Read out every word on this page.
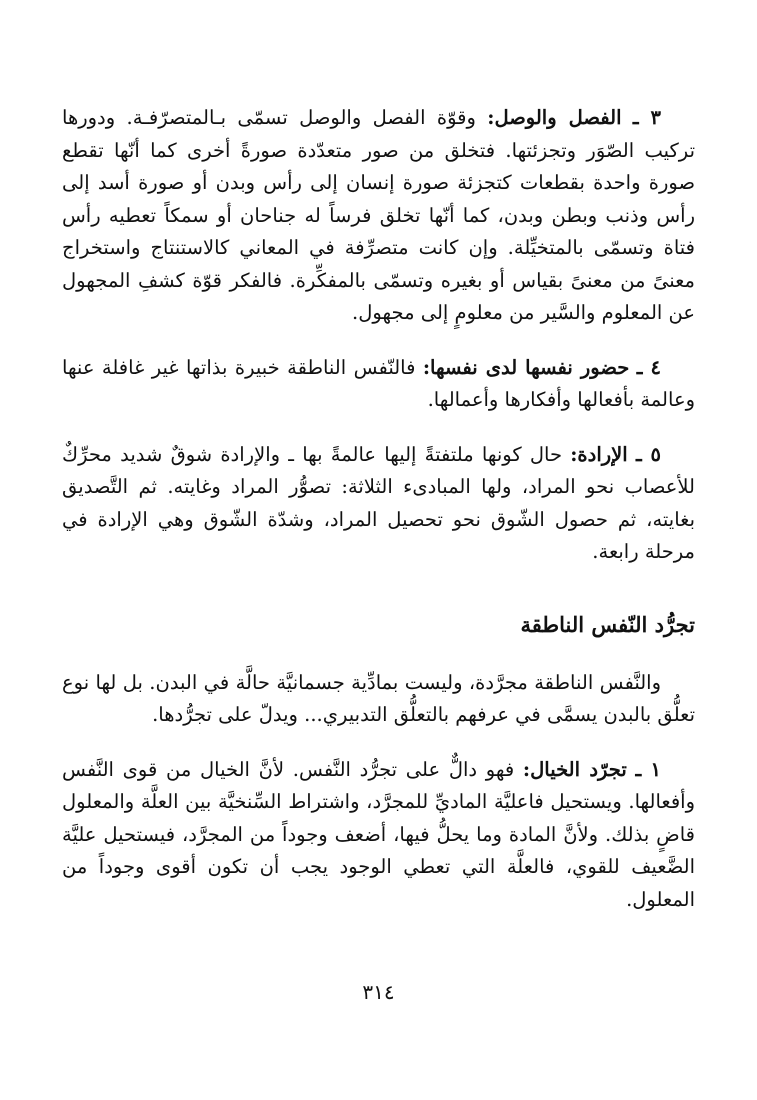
٣ ـ الفصل والوصل: وقوّة الفصل والوصل تسمّى بـالمتصرّفـة. ودورها تركيب الصّوَر وتجزئتها. فتخلق من صور متعدّدة صورةً أخرى كما أنّها تقطع صورة واحدة بقطعات كتجزئة صورة إنسان إلى رأس وبدن أو صورة أسد إلى رأس وذنب وبطن وبدن، كما أنّها تخلق فرساً له جناحان أو سمكاً تعطيه رأس فتاة وتسمّى بالمتخيِّلة. وإن كانت متصرِّفة في المعاني كالاستنتاج واستخراج معنىً من معنىً بقياس أو بغيره وتسمّى بالمفكِّرة. فالفكر قوّة كشفِ المجهول عن المعلوم والسَّير من معلومٍ إلى مجهول.

٤ ـ حضور نفسها لدى نفسها: فالنّفس الناطقة خبيرة بذاتها غير غافلة عنها وعالمة بأفعالها وأفكارها وأعمالها.

٥ ـ الإرادة: حال كونها ملتفتةً إليها عالمةً بها ـ والإرادة شوقٌ شديد محرِّكٌ للأعصاب نحو المراد، ولها المبادىء الثلاثة: تصوُّر المراد وغايته. ثم التَّصديق بغايته، ثم حصول الشّوق نحو تحصيل المراد، وشدّة الشّوق وهي الإرادة في مرحلة رابعة.

تجرُّد النّفس الناطقة

والنَّفس الناطقة مجرَّدة، وليست بمادِّية جسمانيَّة حالَّة في البدن. بل لها نوع تعلُّق بالبدن يسمَّى في عرفهم بالتعلُّق التدبيري... ويدلّ على تجرُّدها.

١ ـ تجرّد الخيال: فهو دالٌّ على تجرُّد النَّفس. لأنَّ الخيال من قوى النَّفس وأفعالها. ويستحيل فاعليَّة الماديِّ للمجرَّد، واشتراط السِّنخيَّة بين العلَّة والمعلول قاضٍ بذلك. ولأنَّ المادة وما يحلُّ فيها، أضعف وجوداً من المجرَّد، فيستحيل عليَّة الضَّعيف للقوي، فالعلَّة التي تعطي الوجود يجب أن تكون أقوى وجوداً من المعلول.

٣١٤
